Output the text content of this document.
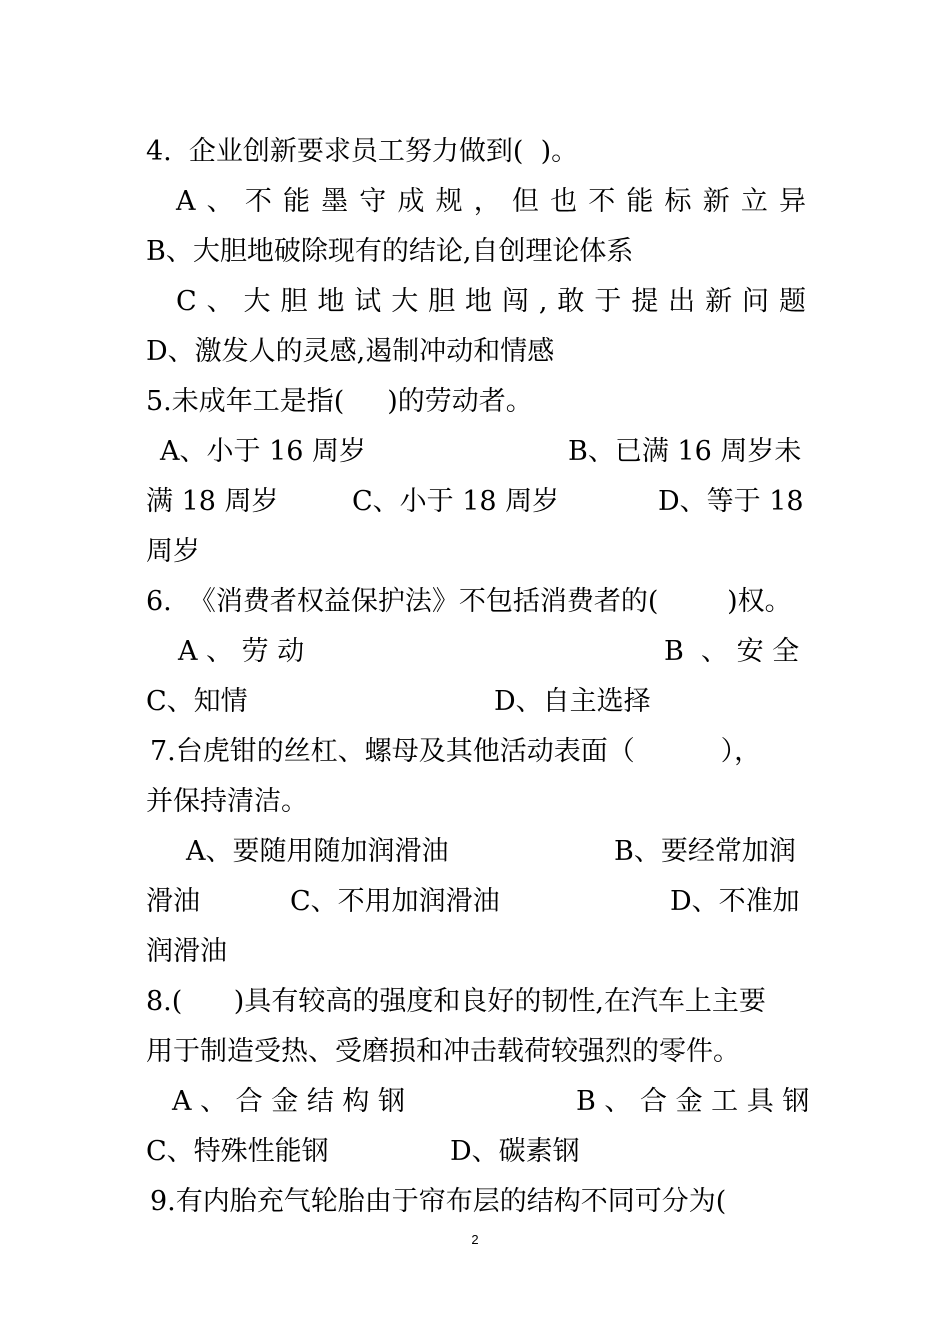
4.  企业创新要求员工努力做到(  )。
A 、 不 能 墨 守 成 规 ， 但 也 不 能 标 新 立 异
B、大胆地破除现有的结论,自创理论体系
C 、 大 胆 地 试 大 胆 地 闯 , 敢 于 提 出 新 问 题
D、激发人的灵感,遏制冲动和情感
5.未成年工是指(     )的劳动者。

A、小于 16 周岁

	B、已满 16 周岁未

满 18 周岁

	C、小于 18 周岁

	D、等于 18

周岁
6.  《消费者权益保护法》不包括消费者的(        )权。

A 、 劳 动

	B  、 安 全

C、知情

	D、自主选择

7.台虎钳的丝杠、螺母及其他活动表面（          ），
并保持清洁。

A、要随用随加润滑油

	B、要经常加润

滑油

	C、不用加润滑油

	D、不准加

润滑油
8.(      )具有较高的强度和良好的韧性,在汽车上主要
用于制造受热、受磨损和冲击载荷较强烈的零件。

A 、 合 金 结 构 钢

	B 、 合 金 工 具 钢

C、特殊性能钢

	D、碳素钢

9.有内胎充气轮胎由于帘布层的结构不同可分为(
2
